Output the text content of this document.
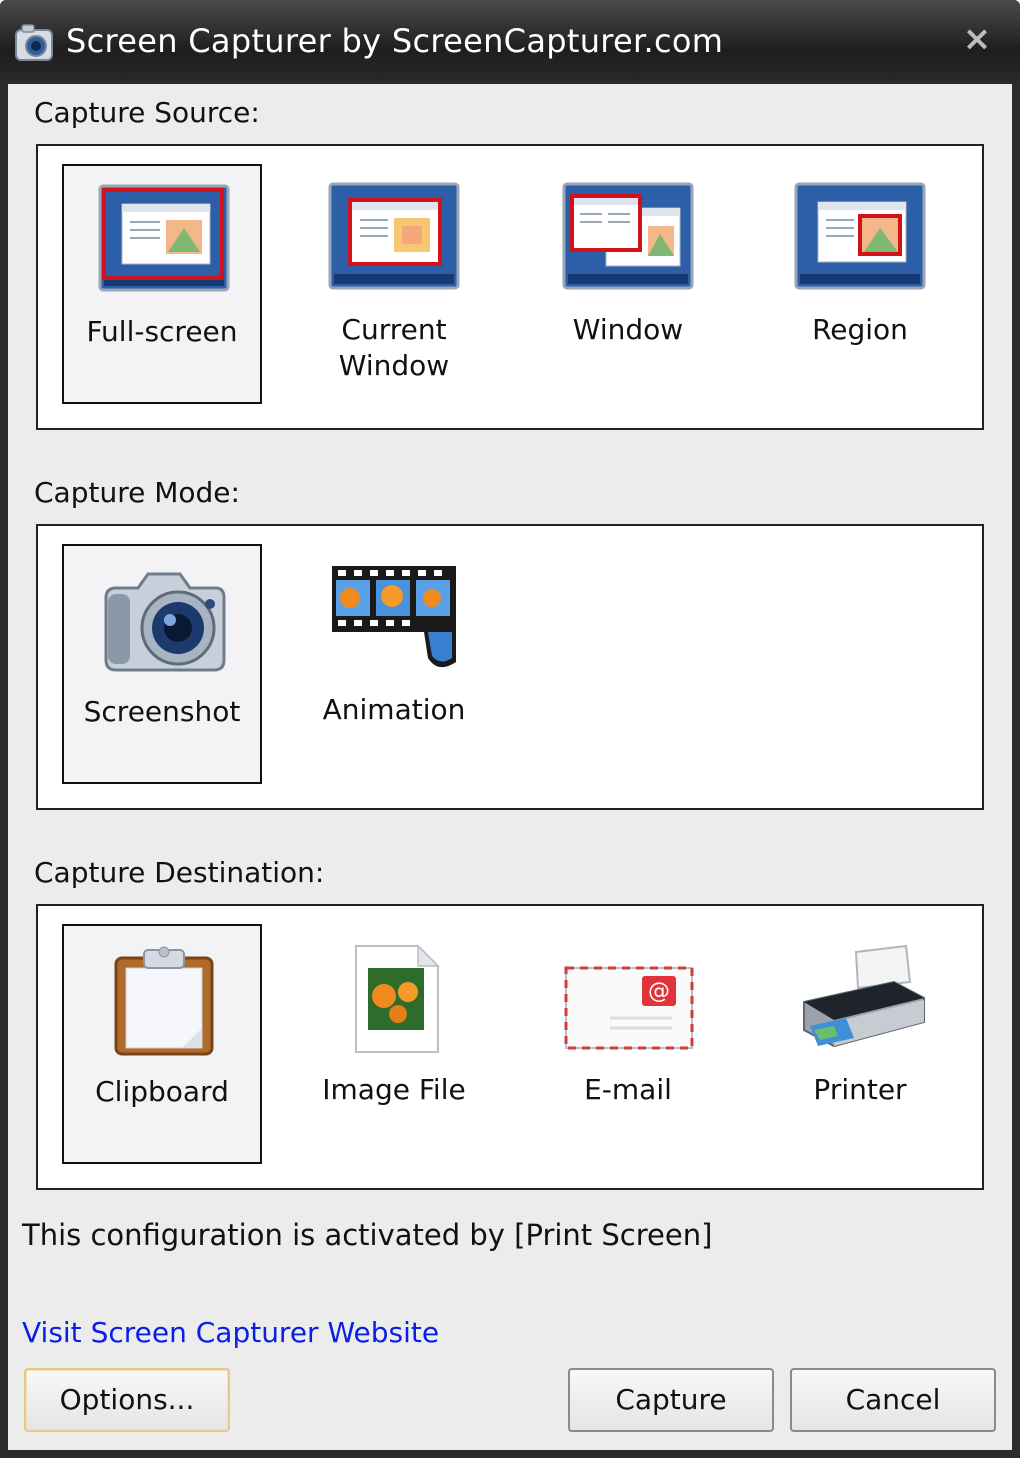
Screen Capturer by ScreenCapturer.com	×
Capture Source:
Full-screen	Current
Window
Window	Region
Capture Mode:
Screenshot	Animation
Capture Destination:
Clipboard	Image File
@
E-mail	Printer
This configuration is activated by [Print Screen]
Visit Screen Capturer Website
Options...	Capture	Cancel
